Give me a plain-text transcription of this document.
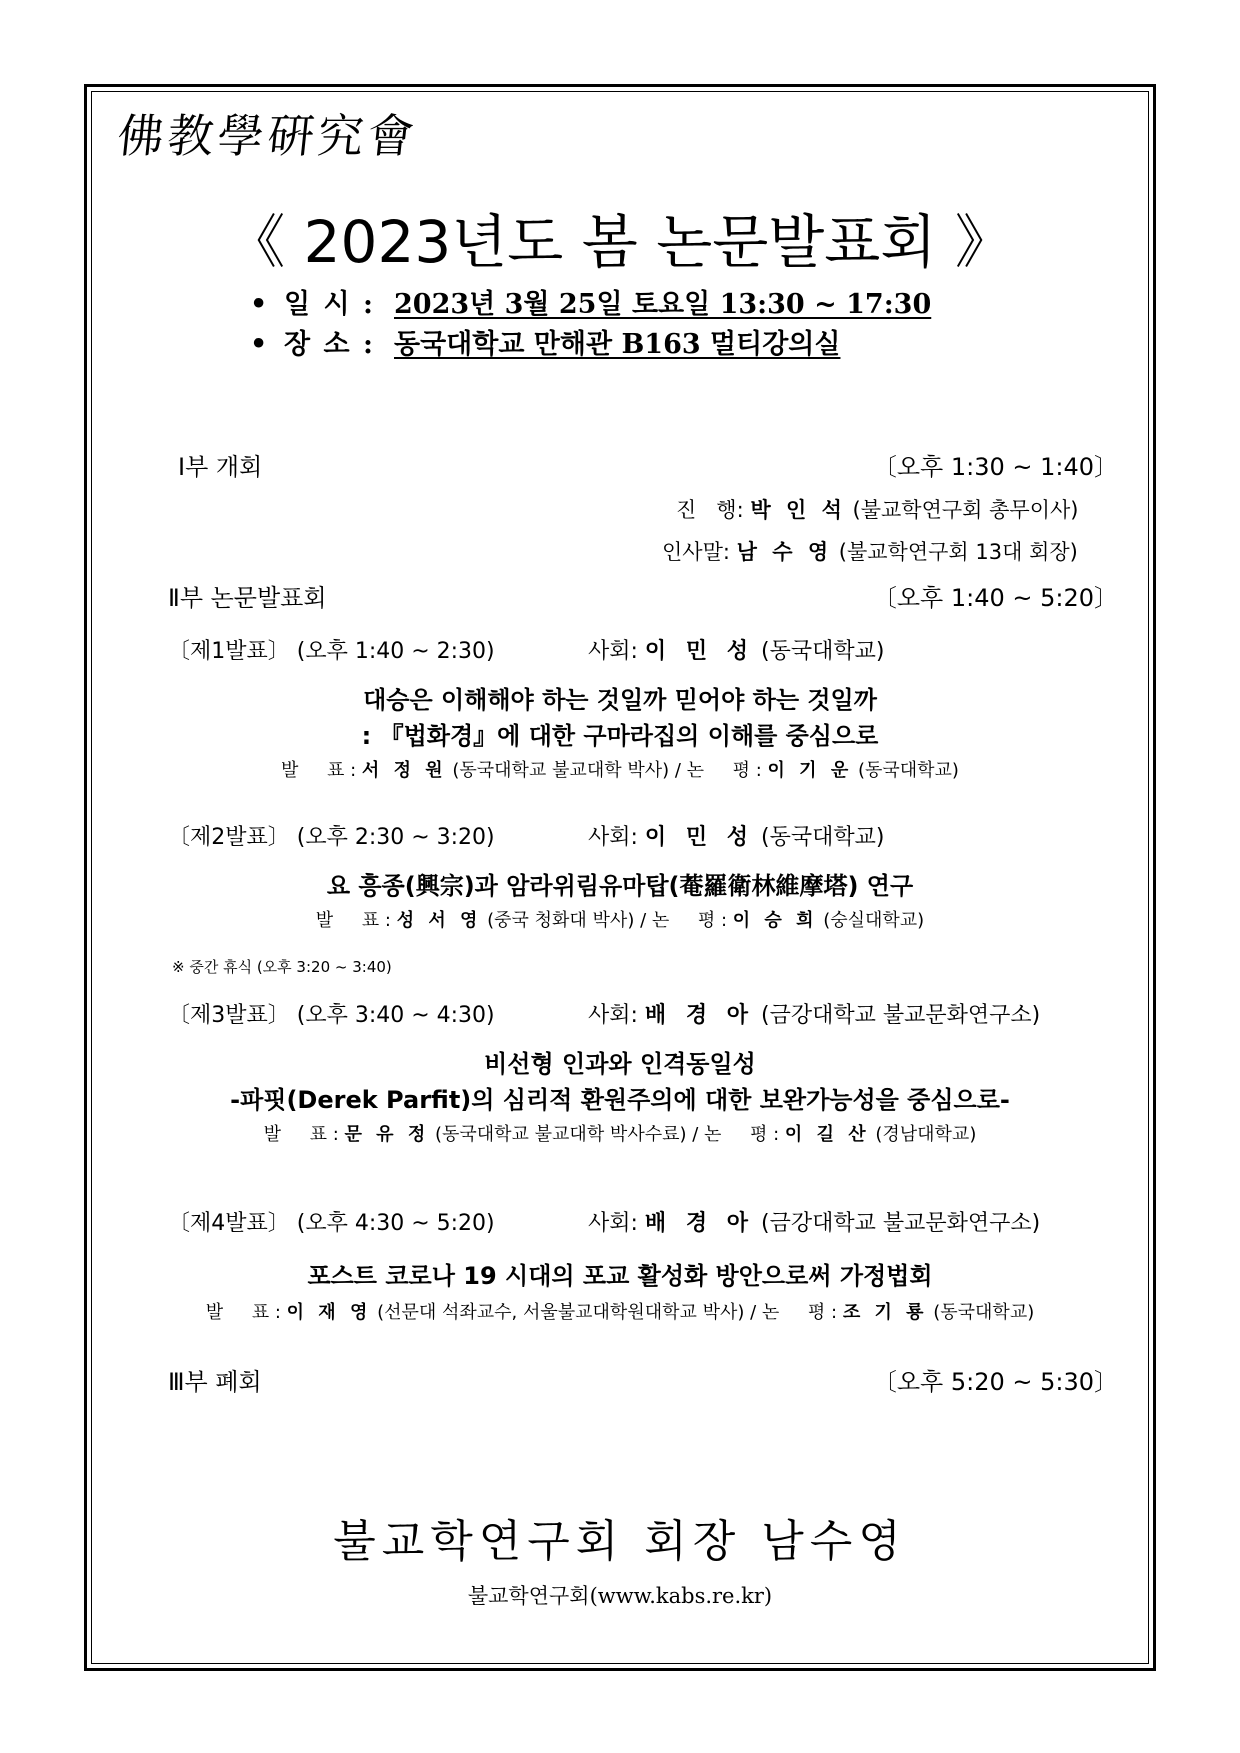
佛教學硏究會
《 2023년도 봄 논문발표회 》
• 일 시 : 2023년 3월 25일 토요일 13:30 ~ 17:30
• 장 소 : 동국대학교 만해관 B163 멀티강의실
Ⅰ부 개회	〔오후 1:30 ~ 1:40〕
진   행: 박 인 석 (불교학연구회 총무이사)
인사말: 남 수 영 (불교학연구회 13대 회장)
Ⅱ부 논문발표회	〔오후 1:40 ~ 5:20〕
〔제1발표〕 (오후 1:40 ~ 2:30)	사회: 이 민 성 (동국대학교)
대승은 이해해야 하는 것일까 믿어야 하는 것일까
: 『법화경』에 대한 구마라집의 이해를 중심으로
발     표 : 서 정 원 (동국대학교 불교대학 박사) / 논     평 : 이 기 운 (동국대학교)
〔제2발표〕 (오후 2:30 ~ 3:20)	사회: 이 민 성 (동국대학교)
요 흥종(興宗)과 암라위림유마탑(菴羅衛林維摩塔) 연구
발     표 : 성 서 영 (중국 청화대 박사) / 논     평 : 이 승 희 (숭실대학교)
※ 중간 휴식 (오후 3:20 ~ 3:40)
〔제3발표〕 (오후 3:40 ~ 4:30)	사회: 배 경 아 (금강대학교 불교문화연구소)
비선형 인과와 인격동일성
-파핏(Derek Parfit)의 심리적 환원주의에 대한 보완가능성을 중심으로-
발     표 : 문 유 정 (동국대학교 불교대학 박사수료) / 논     평 : 이 길 산 (경남대학교)
〔제4발표〕 (오후 4:30 ~ 5:20)	사회: 배 경 아 (금강대학교 불교문화연구소)
포스트 코로나 19 시대의 포교 활성화 방안으로써 가정법회
발     표 : 이 재 영 (선문대 석좌교수, 서울불교대학원대학교 박사) / 논     평 : 조 기 룡 (동국대학교)
Ⅲ부 폐회	〔오후 5:20 ~ 5:30〕
불교학연구회 회장 남수영
불교학연구회(www.kabs.re.kr)
